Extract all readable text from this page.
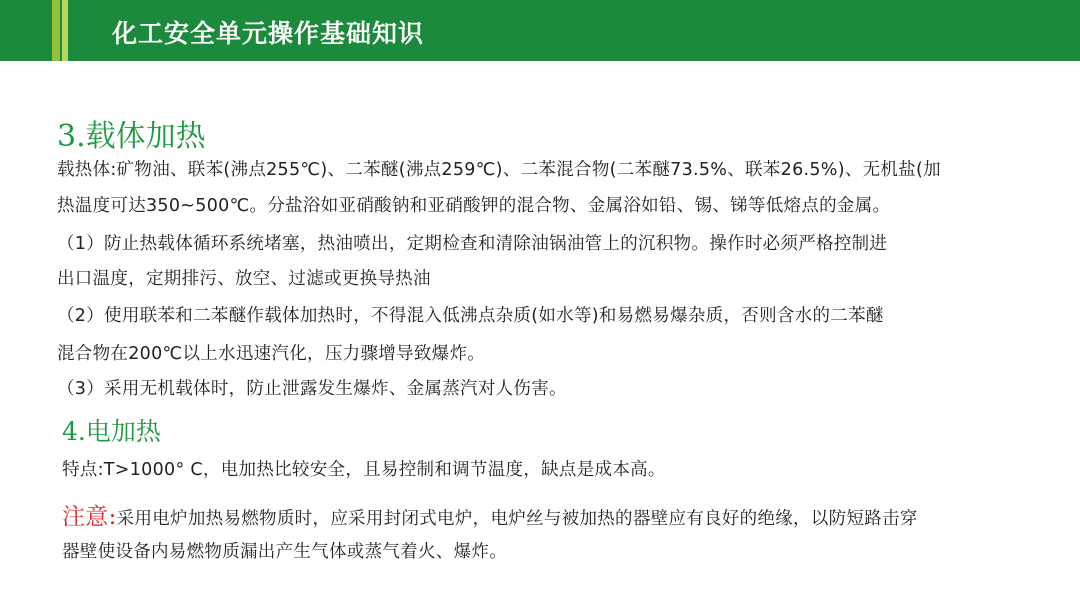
化工安全单元操作基础知识
3.载体加热
载热体:矿物油、联苯(沸点255℃)、二苯醚(沸点259℃)、二苯混合物(二苯醚73.5%、联苯26.5%)、无机盐(加
热温度可达350~500℃。分盐浴如亚硝酸钠和亚硝酸钾的混合物、金属浴如铅、锡、锑等低熔点的金属。
（1）防止热载体循环系统堵塞，热油喷出，定期检查和清除油锅油管上的沉积物。操作时必须严格控制进
出口温度，定期排污、放空、过滤或更换导热油
（2）使用联苯和二苯醚作载体加热时，不得混入低沸点杂质(如水等)和易燃易爆杂质，否则含水的二苯醚
混合物在200℃以上水迅速汽化，压力骤增导致爆炸。
（3）采用无机载体时，防止泄露发生爆炸、金属蒸汽对人伤害。
4.电加热
特点:T>1000° C，电加热比较安全，且易控制和调节温度，缺点是成本高。
注意:采用电炉加热易燃物质时，应采用封闭式电炉，电炉丝与被加热的器壁应有良好的绝缘，以防短路击穿
器壁使设备内易燃物质漏出产生气体或蒸气着火、爆炸。
